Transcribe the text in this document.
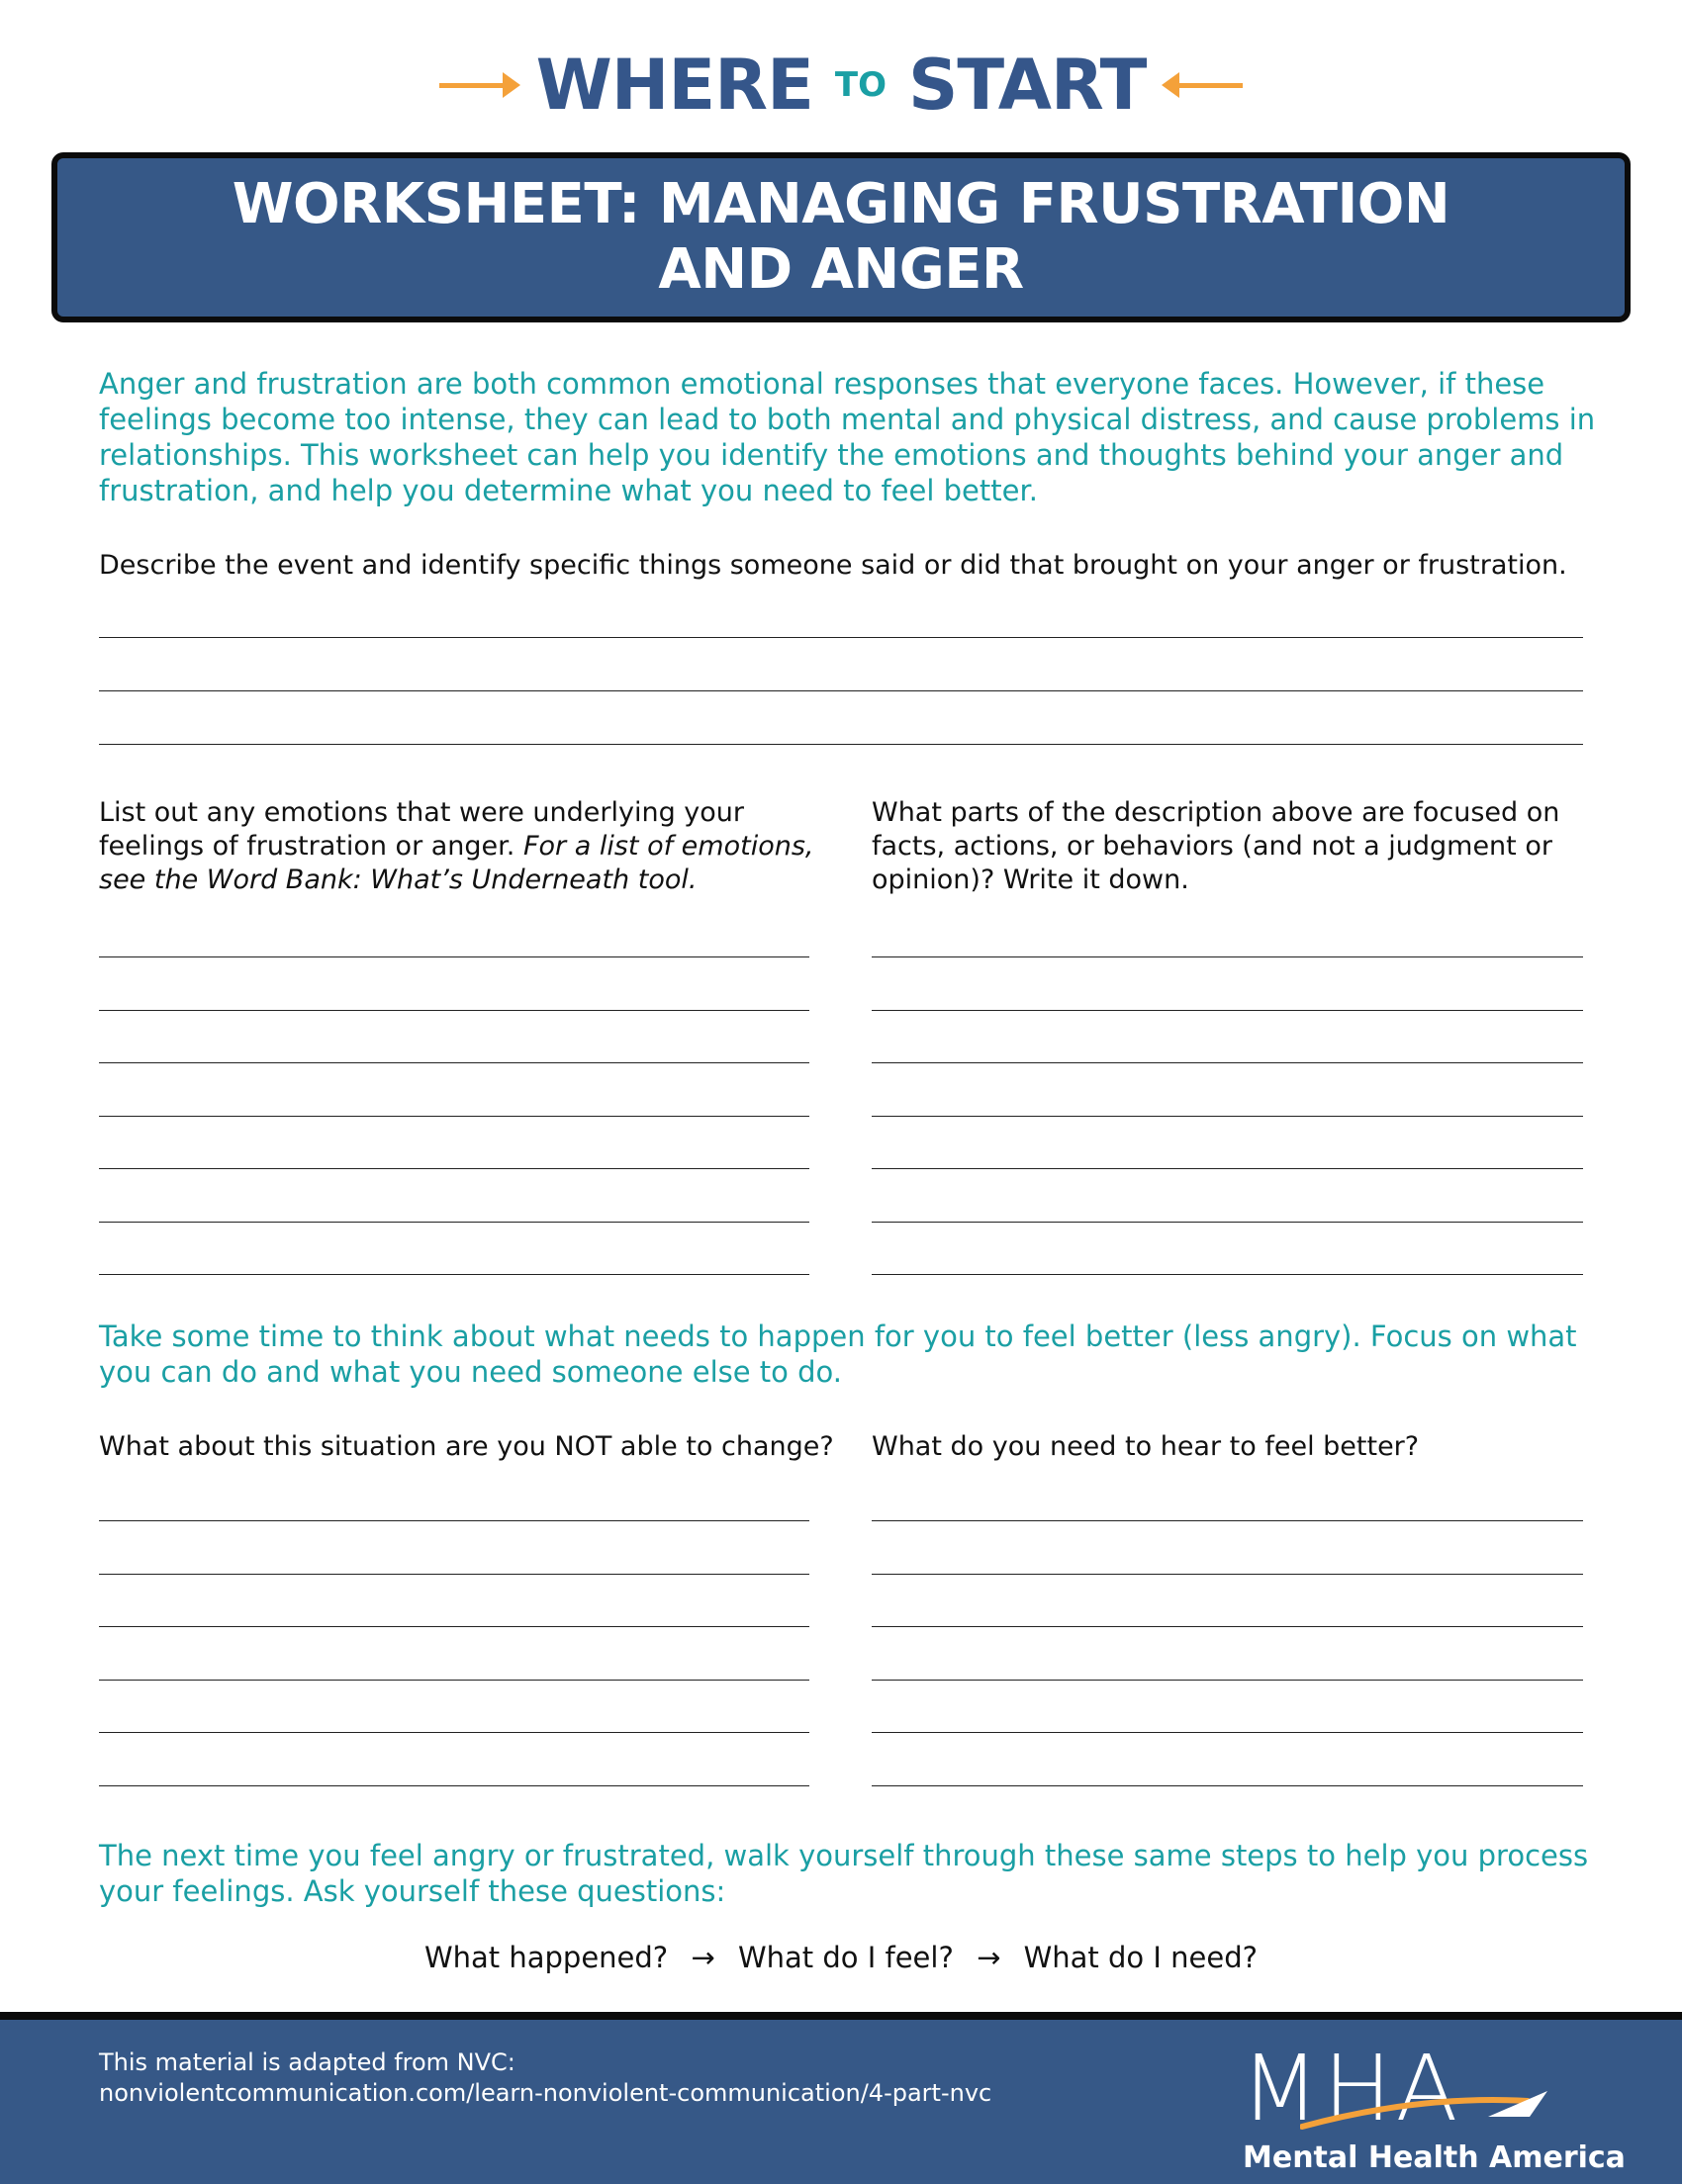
WHERE TO START
WORKSHEET: MANAGING FRUSTRATION
AND ANGER

Anger and frustration are both common emotional responses that everyone faces. However, if these feelings become too intense, they can lead to both mental and physical distress, and cause problems in relationships. This worksheet can help you identify the emotions and thoughts behind your anger and frustration, and help you determine what you need to feel better.

Describe the event and identify specific things someone said or did that brought on your anger or frustration.

List out any emotions that were underlying your feelings of frustration or anger. For a list of emotions, see the Word Bank: What’s Underneath tool.

What parts of the description above are focused on facts, actions, or behaviors (and not a judgment or opinion)? Write it down.

Take some time to think about what needs to happen for you to feel better (less angry). Focus on what you can do and what you need someone else to do.

What about this situation are you NOT able to change?	What do you need to hear to feel better?

The next time you feel angry or frustrated, walk yourself through these same steps to help you process your feelings. Ask yourself these questions:

What happened? → What do I feel? → What do I need?
This material is adapted from NVC:
nonviolentcommunication.com/learn-nonviolent-communication/4-part-nvc	MHA
Mental Health America
